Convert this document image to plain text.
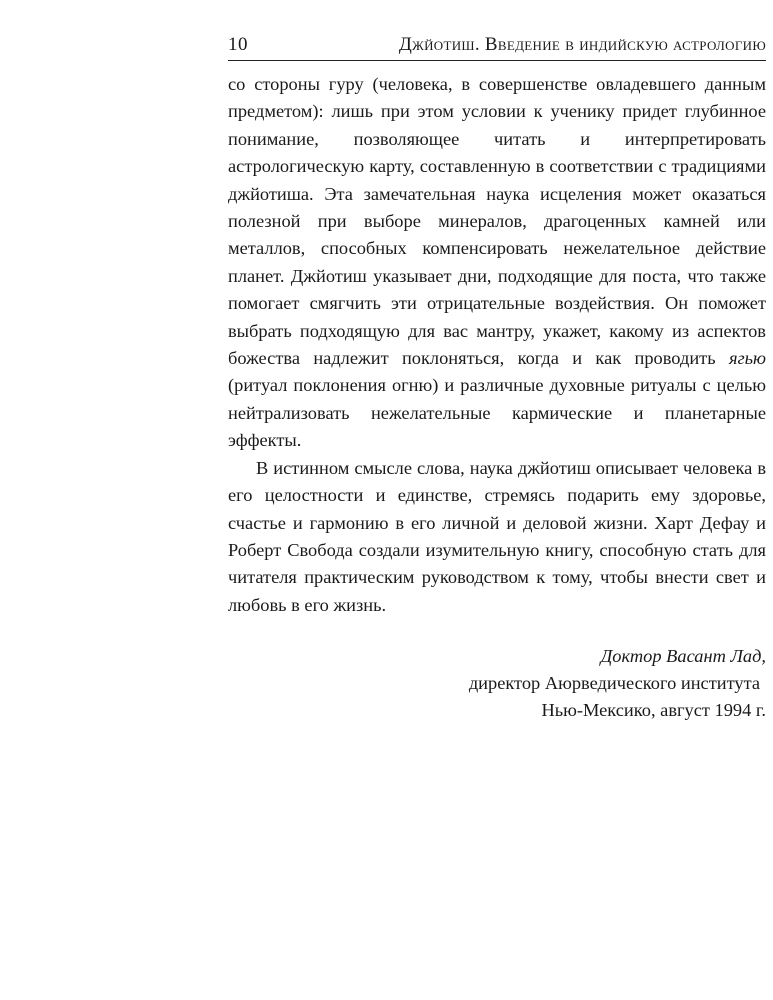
10	Джйотиш. Введение в индийскую астрологию

со стороны гуру (человека, в совершенстве овладевшего данным предметом): лишь при этом условии к ученику придет глубинное понимание, позволяющее читать и интерпретировать астрологическую карту, составленную в соответствии с традициями джйотиша. Эта замечательная наука исцеления может оказаться полезной при выборе минералов, драгоценных камней или металлов, способных компенсировать нежелательное действие планет. Джйотиш указывает дни, подходящие для поста, что также помогает смягчить эти отрицательные воздействия. Он поможет выбрать подходящую для вас мантру, укажет, какому из аспектов божества надлежит поклоняться, когда и как проводить ягью (ритуал поклонения огню) и различные духовные ритуалы с целью нейтрализовать нежелательные кармические и планетарные эффекты.

В истинном смысле слова, наука джйотиш описывает человека в его целостности и единстве, стремясь подарить ему здоровье, счастье и гармонию в его личной и деловой жизни. Харт Дефау и Роберт Свобода создали изумительную книгу, способную стать для читателя практическим руководством к тому, чтобы внести свет и любовь в его жизнь.

Доктор Васант Лад,
директор Аюрведического института
Нью-Мексико, август 1994 г.
